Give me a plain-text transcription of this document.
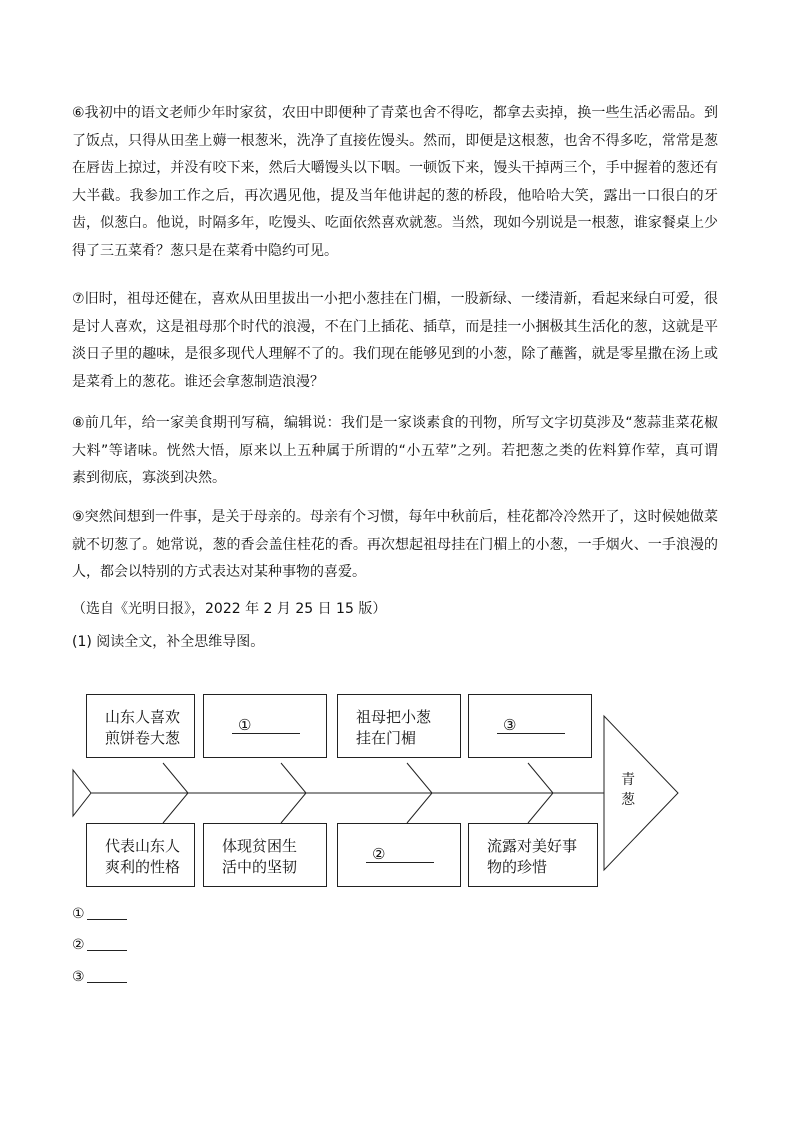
⑥我初中的语文老师少年时家贫，农田中即便种了青菜也舍不得吃，都拿去卖掉，换一些生活必需品。到
了饭点，只得从田垄上薅一根葱米，洗净了直接佐馒头。然而，即便是这根葱，也舍不得多吃，常常是葱
在唇齿上掠过，并没有咬下来，然后大嚼馒头以下咽。一顿饭下来，馒头干掉两三个，手中握着的葱还有
大半截。我参加工作之后，再次遇见他，提及当年他讲起的葱的桥段，他哈哈大笑，露出一口很白的牙
齿，似葱白。他说，时隔多年，吃馒头、吃面依然喜欢就葱。当然，现如今别说是一根葱，谁家餐桌上少
得了三五菜肴？葱只是在菜肴中隐约可见。
⑦旧时，祖母还健在，喜欢从田里拔出一小把小葱挂在门楣，一股新绿、一缕清新，看起来绿白可爱，很
是讨人喜欢，这是祖母那个时代的浪漫，不在门上插花、插草，而是挂一小捆极其生活化的葱，这就是平
淡日子里的趣味，是很多现代人理解不了的。我们现在能够见到的小葱，除了蘸酱，就是零星撒在汤上或
是菜肴上的葱花。谁还会拿葱制造浪漫？
⑧前几年，给一家美食期刊写稿，编辑说：我们是一家谈素食的刊物，所写文字切莫涉及“葱蒜韭菜花椒
大料”等诸味。恍然大悟，原来以上五种属于所谓的“小五荤”之列。若把葱之类的佐料算作荤，真可谓
素到彻底，寡淡到决然。
⑨突然间想到一件事，是关于母亲的。母亲有个习惯，每年中秋前后，桂花都冷冷然开了，这时候她做菜
就不切葱了。她常说，葱的香会盖住桂花的香。再次想起祖母挂在门楣上的小葱，一手烟火、一手浪漫的
人，都会以特别的方式表达对某种事物的喜爱。

（选自《光明日报》，2022 年 2 月 25 日 15 版）

(1) 阅读全文，补全思维导图。

青
葱
山东人喜欢
煎饼卷大葱
①	祖母把小葱
挂在门楣
③
代表山东人
爽利的性格
体现贫困生
活中的坚韧
②	流露对美好事
物的珍惜
①
②
③
